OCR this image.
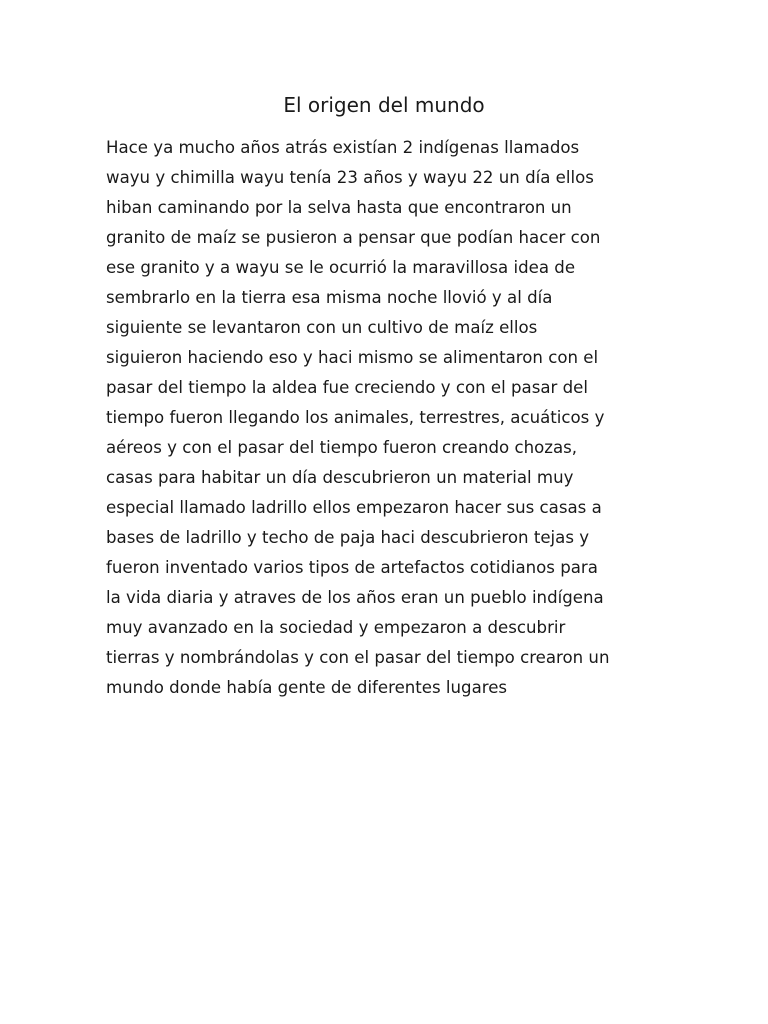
El origen del mundo
Hace ya mucho años atrás existían 2 indígenas llamados
wayu y chimilla wayu tenía 23 años y wayu 22 un día ellos
hiban caminando por la selva hasta que encontraron un
granito de maíz se pusieron a pensar que podían hacer con
ese granito y a wayu se le ocurrió la maravillosa idea de
sembrarlo en la tierra esa misma noche llovió y al día
siguiente se levantaron con un cultivo de maíz ellos
siguieron haciendo eso y haci mismo se alimentaron con el
pasar del tiempo la aldea fue creciendo y con el pasar del
tiempo fueron llegando los animales, terrestres, acuáticos y
aéreos y con el pasar del tiempo fueron creando chozas,
casas para habitar un día descubrieron un material muy
especial llamado ladrillo ellos empezaron hacer sus casas a
bases de ladrillo y techo de paja haci descubrieron tejas y
fueron inventado varios tipos de artefactos cotidianos para
la vida diaria y atraves de los años eran un pueblo indígena
muy avanzado en la sociedad y empezaron a descubrir
tierras y nombrándolas y con el pasar del tiempo crearon un
mundo donde había gente de diferentes lugares
